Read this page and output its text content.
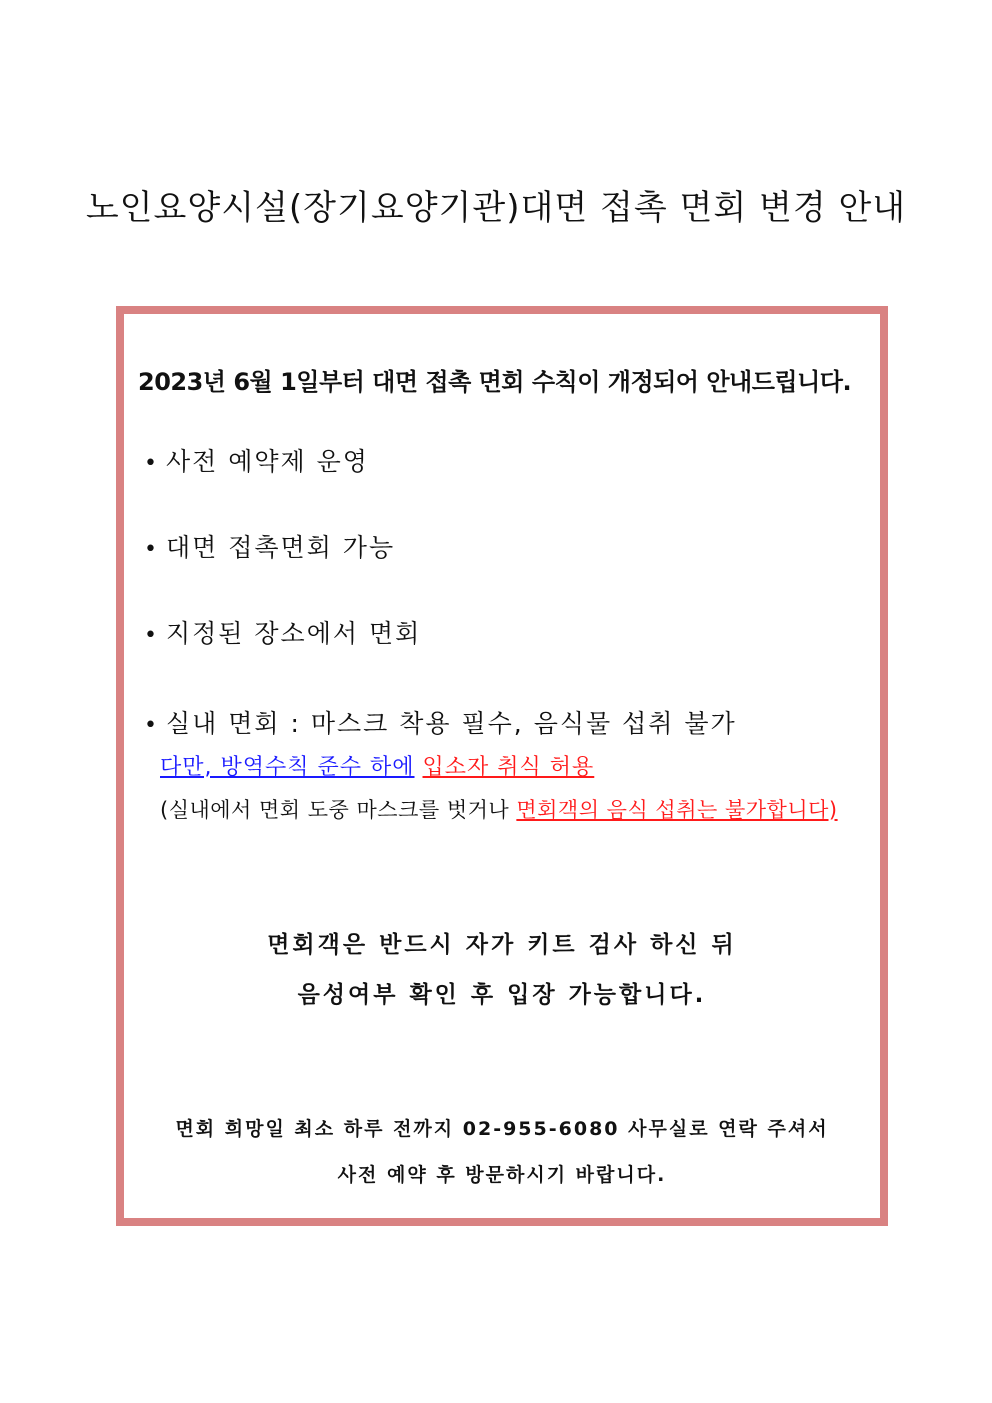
노인요양시설(장기요양기관)대면 접촉 면회 변경 안내
2023년 6월 1일부터 대면 접촉 면회 수칙이 개정되어 안내드립니다.
• 사전 예약제 운영
• 대면 접촉면회 가능
• 지정된 장소에서 면회
• 실내 면회 : 마스크 착용 필수, 음식물 섭취 불가
다만, 방역수칙 준수 하에 입소자 취식 허용
(실내에서 면회 도중 마스크를 벗거나 면회객의 음식 섭취는 불가합니다)
면회객은 반드시 자가 키트 검사 하신 뒤
음성여부 확인 후 입장 가능합니다.
면회 희망일 최소 하루 전까지 02-955-6080 사무실로 연락 주셔서
사전 예약 후 방문하시기 바랍니다.
